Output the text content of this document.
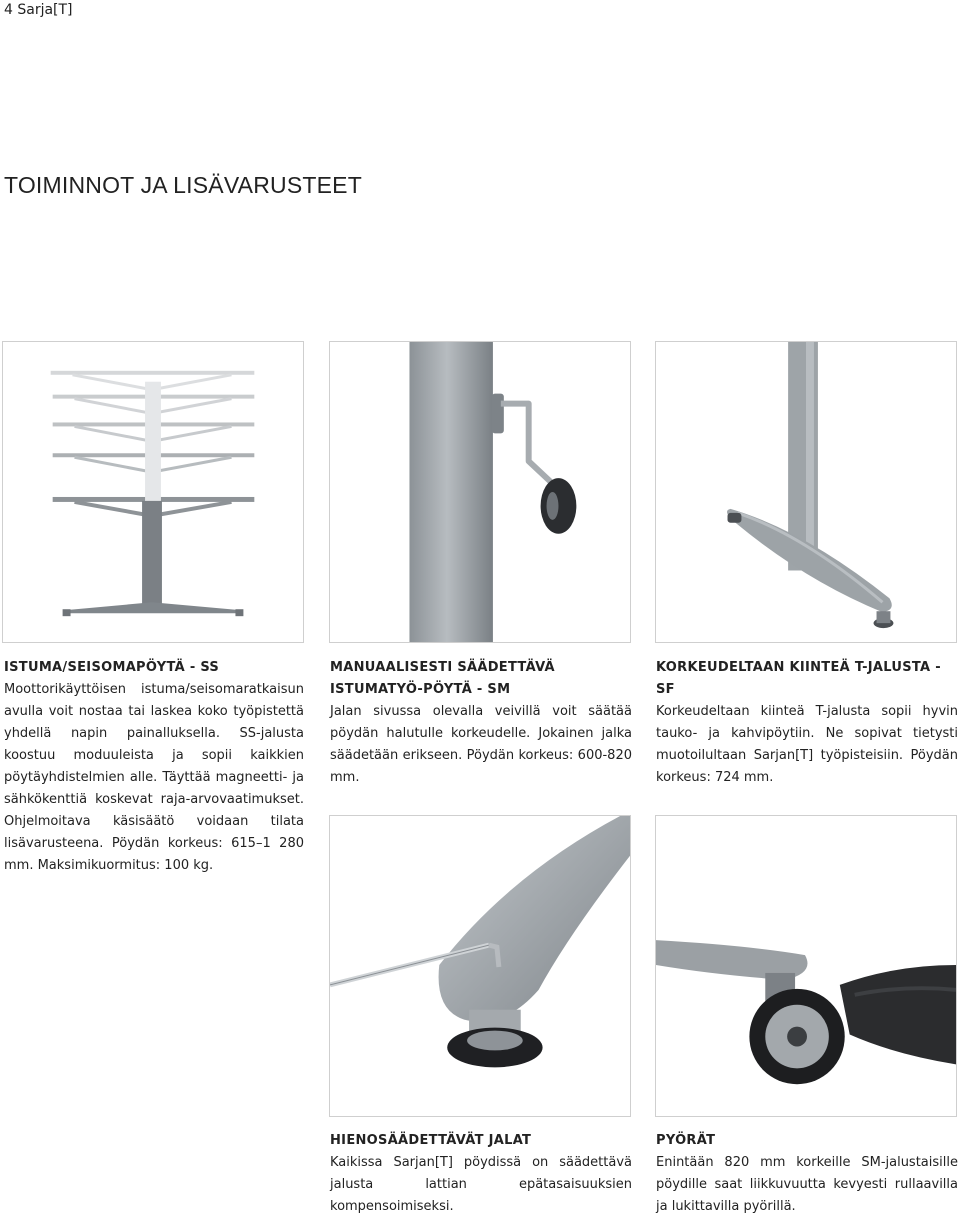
4 Sarja[T]
TOIMINNOT JA LISÄVARUSTEET
ISTUMA/SEISOMAPÖYTÄ - SS

Moottorikäyttöisen istuma/seisomaratkaisun avulla voit nostaa tai laskea koko työpistettä yhdellä napin painalluksella. SS-jalusta koostuu moduuleista ja sopii kaikkien pöytäyhdistelmien alle. Täyttää magneetti- ja sähkökenttiä koskevat raja-arvovaatimukset. Ohjelmoitava käsisäätö voidaan tilata lisävarusteena. Pöydän korkeus: 615–1 280 mm. Maksimikuormitus: 100 kg.

MANUAALISESTI SÄÄDETTÄVÄ ISTUMATYÖ-PÖYTÄ - SM

Jalan sivussa olevalla veivillä voit säätää pöydän halutulle korkeudelle. Jokainen jalka säädetään erikseen. Pöydän korkeus: 600-820 mm.

KORKEUDELTAAN KIINTEÄ T-JALUSTA - SF

Korkeudeltaan kiinteä T-jalusta sopii hyvin tauko- ja kahvipöytiin. Ne sopivat tietysti muotoilultaan Sarjan[T] työpisteisiin. Pöydän korkeus: 724 mm.

HIENOSÄÄDETTÄVÄT JALAT

Kaikissa Sarjan[T] pöydissä on säädettävä jalusta lattian epätasaisuuksien kompensoimiseksi.

PYÖRÄT

Enintään 820 mm korkeille SM-jalustaisille pöydille saat liikkuvuutta kevyesti rullaavilla ja lukittavilla pyörillä.
